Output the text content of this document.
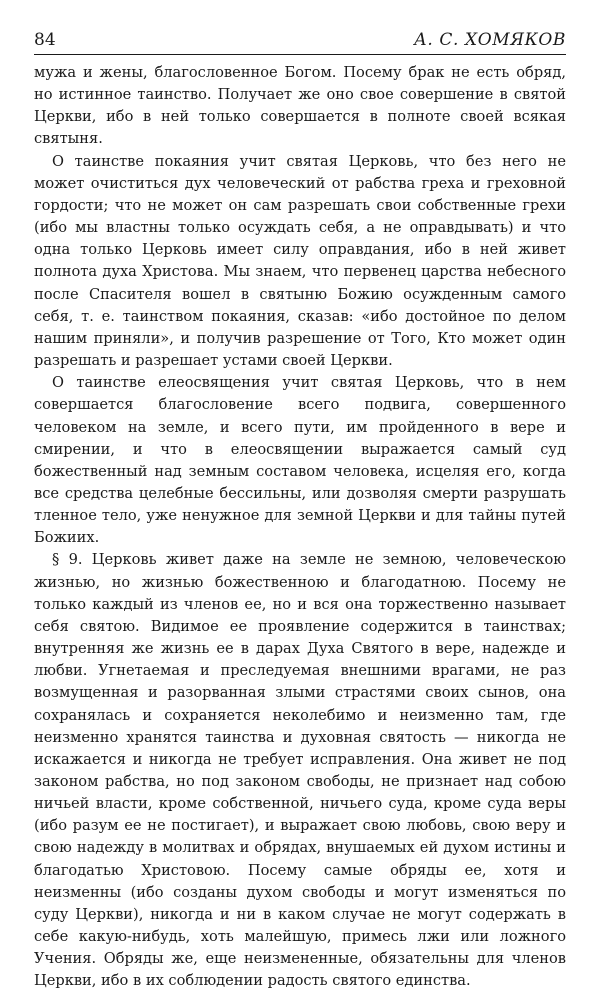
84	А. С. ХОМЯКОВ

мужа и жены, благословенное Богом. Посему брак не есть обряд, но истинное таинство. Получает же оно свое совершение в святой Церкви, ибо в ней только совершается в полноте своей всякая святыня.

О таинстве покаяния учит святая Церковь, что без него не может очиститься дух человеческий от рабства греха и греховной гордости; что не может он сам разрешать свои собственные грехи (ибо мы властны только осуждать себя, а не оправдывать) и что одна только Церковь имеет силу оправдания, ибо в ней живет полнота духа Христова. Мы знаем, что первенец царства небесного после Спасителя вошел в святыню Божию осужденным самого себя, т. е. таинством покаяния, сказав: «ибо достойное по делом нашим приняли», и получив разрешение от Того, Кто может один разрешать и разрешает устами своей Церкви.

О таинстве елеосвящения учит святая Церковь, что в нем совершается благословение всего подвига, совершенного человеком на земле, и всего пути, им пройденного в вере и смирении, и что в елеосвящении выражается самый суд божественный над земным составом человека, исцеляя его, когда все средства целебные бессильны, или дозволяя смерти разрушать тленное тело, уже ненужное для земной Церкви и для тайны путей Божиих.

§ 9. Церковь живет даже на земле не земною, человеческою жизнью, но жизнью божественною и благодатною. Посему не только каждый из членов ее, но и вся она торжественно называет себя святою. Видимое ее проявление содержится в таинствах; внутренняя же жизнь ее в дарах Духа Святого в вере, надежде и любви. Угнетаемая и преследуемая внешними врагами, не раз возмущенная и разорванная злыми страстями своих сынов, она сохранялась и сохраняется неколебимо и неизменно там, где неизменно хранятся таинства и духовная святость — никогда не искажается и никогда не требует исправления. Она живет не под законом рабства, но под законом свободы, не признает над собою ничьей власти, кроме собственной, ничьего суда, кроме суда веры (ибо разум ее не постигает), и выражает свою любовь, свою веру и свою надежду в молитвах и обрядах, внушаемых ей духом истины и благодатью Христовою. Посему самые обряды ее, хотя и неизменны (ибо созданы духом свободы и могут изменяться по суду Церкви), никогда и ни в каком случае не могут содержать в себе какую-нибудь, хоть малейшую, примесь лжи или ложного Учения. Обряды же, еще неизмененные, обязательны для членов Церкви, ибо в их соблюдении радость святого единства.
